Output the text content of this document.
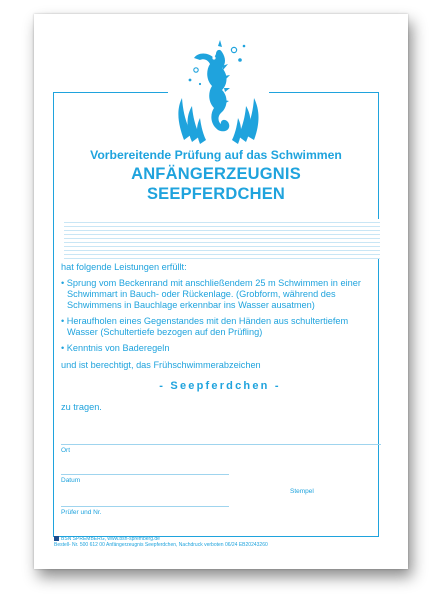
Vorbereitende Prüfung auf das Schwimmen
ANFÄNGERZEUGNIS
SEEPFERDCHEN

hat folgende Leistungen erfüllt:

• Sprung vom Beckenrand mit anschließendem 25 m Schwimmen in einer Schwimmart in Bauch- oder Rückenlage. (Grobform, während des Schwimmens in Bauchlage erkennbar ins Wasser ausatmen)

• Heraufholen eines Gegenstandes mit den Händen aus schultertiefem Wasser (Schultertiefe bezogen auf den Prüfling)

• Kenntnis von Baderegeln

und ist berechtigt, das Frühschwimmerabzeichen

- Seepferdchen -

zu tragen.

Ort
Datum
Prüfer und Nr.
Stempel
BSN SPREMBERG, www.bsn-spremberg.de
Bestell- Nr. 500 612 00 Anfängerzeugnis Seepferdchen, Nachdruck verboten 06/24 EB20243260
